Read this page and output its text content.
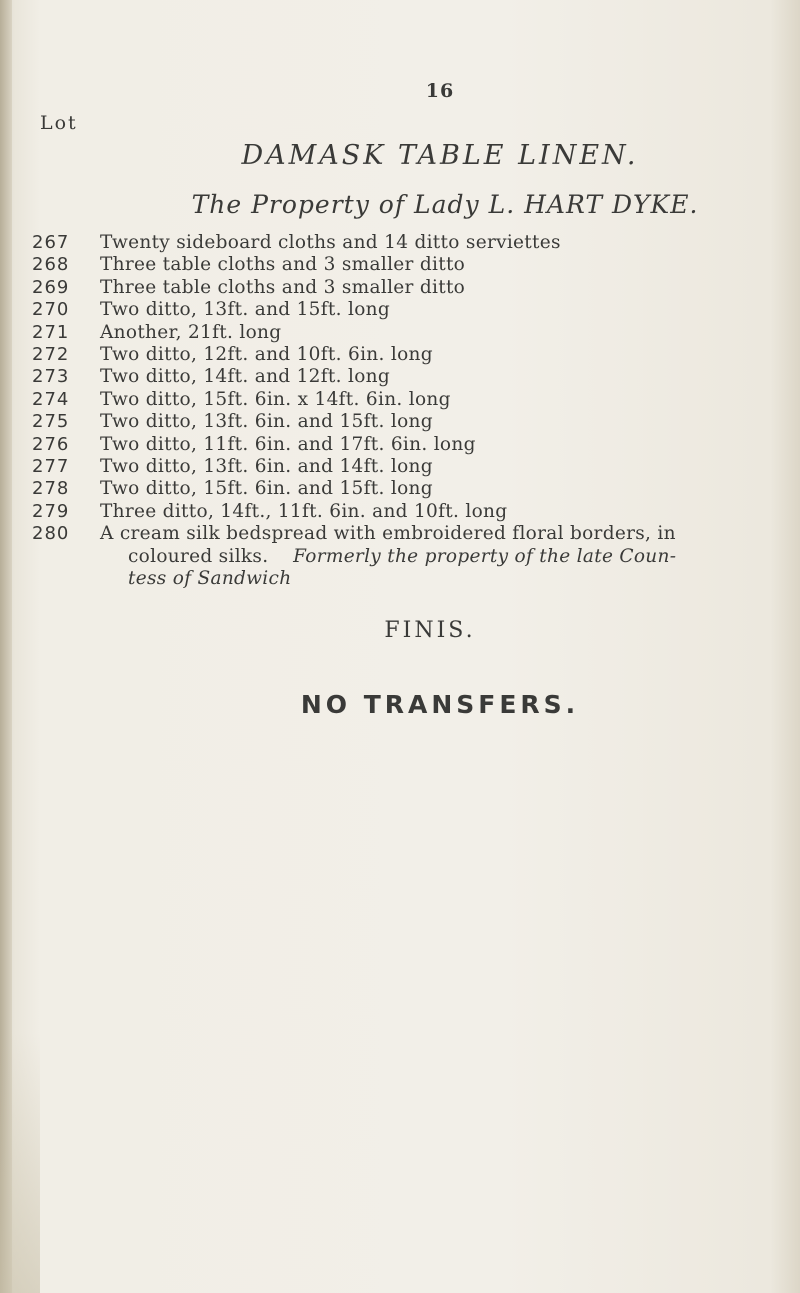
Lot
16
DAMASK TABLE LINEN.
The Property of Lady L. HART DYKE.
267	Twenty sideboard cloths and 14 ditto serviettes
268	Three table cloths and 3 smaller ditto
269	Three table cloths and 3 smaller ditto
270	Two ditto, 13ft. and 15ft. long
271	Another, 21ft. long
272	Two ditto, 12ft. and 10ft. 6in. long
273	Two ditto, 14ft. and 12ft. long
274	Two ditto, 15ft. 6in. x 14ft. 6in. long
275	Two ditto, 13ft. 6in. and 15ft. long
276	Two ditto, 11ft. 6in. and 17ft. 6in. long
277	Two ditto, 13ft. 6in. and 14ft. long
278	Two ditto, 15ft. 6in. and 15ft. long
279	Three ditto, 14ft., 11ft. 6in. and 10ft. long
280	A cream silk bedspread with embroidered floral borders, in
coloured silks. Formerly the property of the late Coun-
tess of Sandwich
FINIS.
NO TRANSFERS.
